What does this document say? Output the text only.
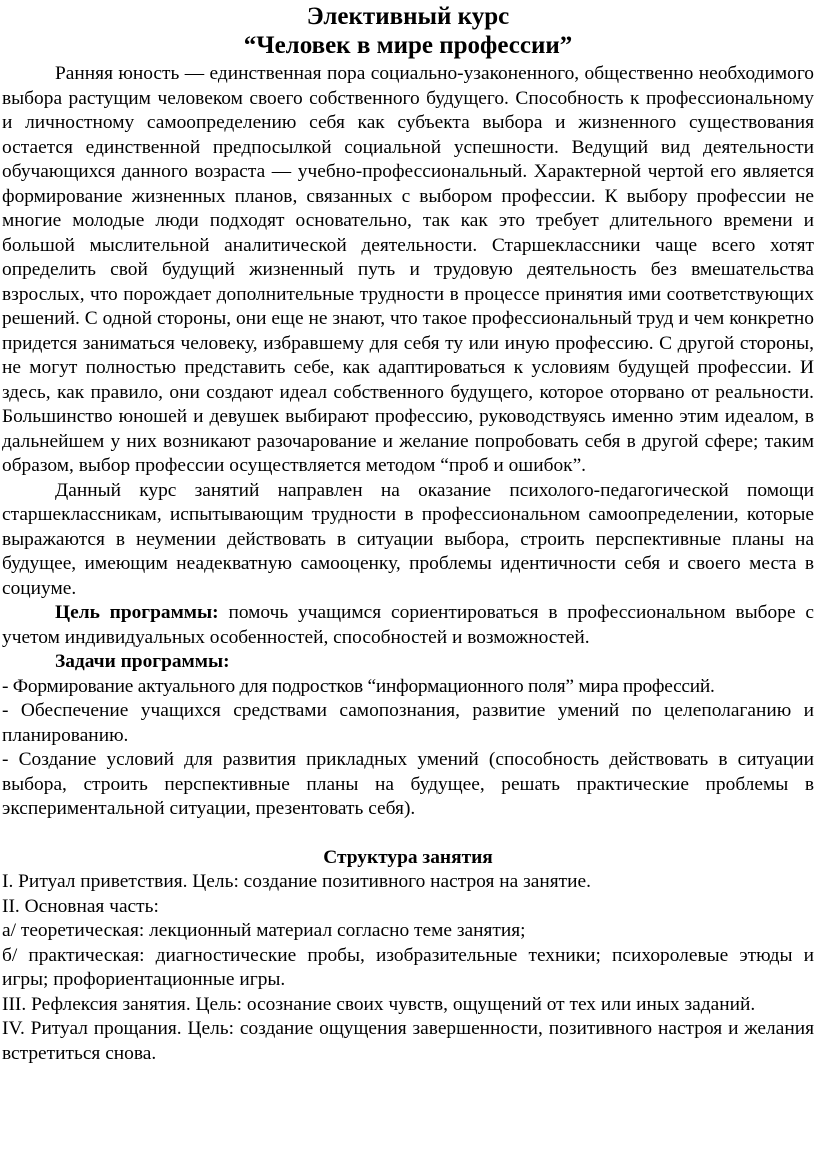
Элективный курс

“Человек в мире профессии”

Ранняя юность — единственная пора социально-узаконенного, общественно необходимого выбора растущим человеком своего собственного будущего. Способность к профессиональному и личностному самоопределению себя как субъекта выбора и жизненного существования остается единственной предпосылкой социальной успешности. Ведущий вид деятельности обучающихся данного возраста — учебно-профессиональный. Характерной чертой его является формирование жизненных планов, связанных с выбором профессии. К выбору профессии не многие молодые люди подходят основательно, так как это требует длительного времени и большой мыслительной аналитической деятельности. Старшеклассники чаще всего хотят определить свой будущий жизненный путь и трудовую деятельность без вмешательства взрослых, что порождает дополнительные трудности в процессе принятия ими соответствующих решений. С одной стороны, они еще не знают, что такое профессиональный труд и чем конкретно придется заниматься человеку, избравшему для себя ту или иную профессию. С другой стороны, не могут полностью представить себе, как адаптироваться к условиям будущей профессии. И здесь, как правило, они создают идеал собственного будущего, которое оторвано от реальности. Большинство юношей и девушек выбирают профессию, руководствуясь именно этим идеалом, в дальнейшем у них возникают разочарование и желание попробовать себя в другой сфере; таким образом, выбор профессии осуществляется методом “проб и ошибок”.

Данный курс занятий направлен на оказание психолого-педагогической помощи старшеклассникам, испытывающим трудности в профессиональном самоопределении, которые выражаются в неумении действовать в ситуации выбора, строить перспективные планы на будущее, имеющим неадекватную самооценку, проблемы идентичности себя и своего места в социуме.

Цель программы: помочь учащимся сориентироваться в профессиональном выборе с учетом индивидуальных особенностей, способностей и возможностей.

Задачи программы:

- Формирование актуального для подростков “информационного поля” мира профессий.

- Обеспечение учащихся средствами самопознания, развитие умений по целеполаганию и планированию.

- Создание условий для развития прикладных умений (способность действовать в ситуации выбора, строить перспективные планы на будущее, решать практические проблемы в экспериментальной ситуации, презентовать себя).

Структура занятия

I. Ритуал приветствия. Цель: создание позитивного настроя на занятие.

II. Основная часть:

а/ теоретическая: лекционный материал согласно теме занятия;

б/ практическая: диагностические пробы, изобразительные техники; психоролевые этюды и игры; профориентационные игры.

III. Рефлексия занятия. Цель: осознание своих чувств, ощущений от тех или иных заданий.

IV. Ритуал прощания. Цель: создание ощущения завершенности, позитивного настроя и желания встретиться снова.
